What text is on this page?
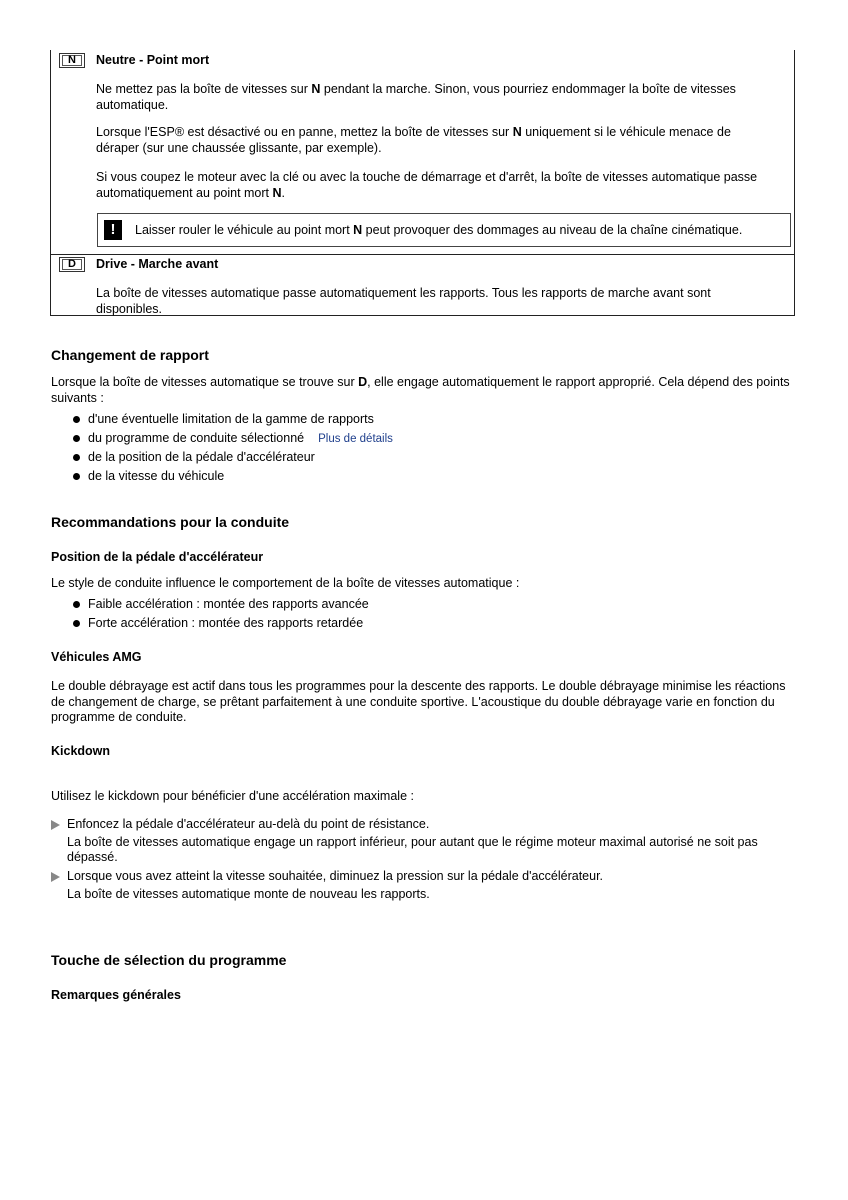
N	Neutre - Point mort
Ne mettez pas la boîte de vitesses sur N pendant la marche. Sinon, vous pourriez endommager la boîte de vitesses automatique.
Lorsque l'ESP® est désactivé ou en panne, mettez la boîte de vitesses sur N uniquement si le véhicule menace de déraper (sur une chaussée glissante, par exemple).
Si vous coupez le moteur avec la clé ou avec la touche de démarrage et d'arrêt, la boîte de vitesses automatique passe automatiquement au point mort N.
!	Laisser rouler le véhicule au point mort N peut provoquer des dommages au niveau de la chaîne cinématique.
D	Drive - Marche avant
La boîte de vitesses automatique passe automatiquement les rapports. Tous les rapports de marche avant sont disponibles.
Changement de rapport
Lorsque la boîte de vitesses automatique se trouve sur D, elle engage automatiquement le rapport approprié. Cela dépend des points suivants :
d'une éventuelle limitation de la gamme de rapports
du programme de conduite sélectionné Plus de détails
de la position de la pédale d'accélérateur
de la vitesse du véhicule
Recommandations pour la conduite
Position de la pédale d'accélérateur
Le style de conduite influence le comportement de la boîte de vitesses automatique :
Faible accélération : montée des rapports avancée
Forte accélération : montée des rapports retardée
Véhicules AMG
Le double débrayage est actif dans tous les programmes pour la descente des rapports. Le double débrayage minimise les réactions de changement de charge, se prêtant parfaitement à une conduite sportive. L'acoustique du double débrayage varie en fonction du programme de conduite.
Kickdown
Utilisez le kickdown pour bénéficier d'une accélération maximale :
Enfoncez la pédale d'accélérateur au-delà du point de résistance.
La boîte de vitesses automatique engage un rapport inférieur, pour autant que le régime moteur maximal autorisé ne soit pas dépassé.
Lorsque vous avez atteint la vitesse souhaitée, diminuez la pression sur la pédale d'accélérateur.
La boîte de vitesses automatique monte de nouveau les rapports.
Touche de sélection du programme
Remarques générales
